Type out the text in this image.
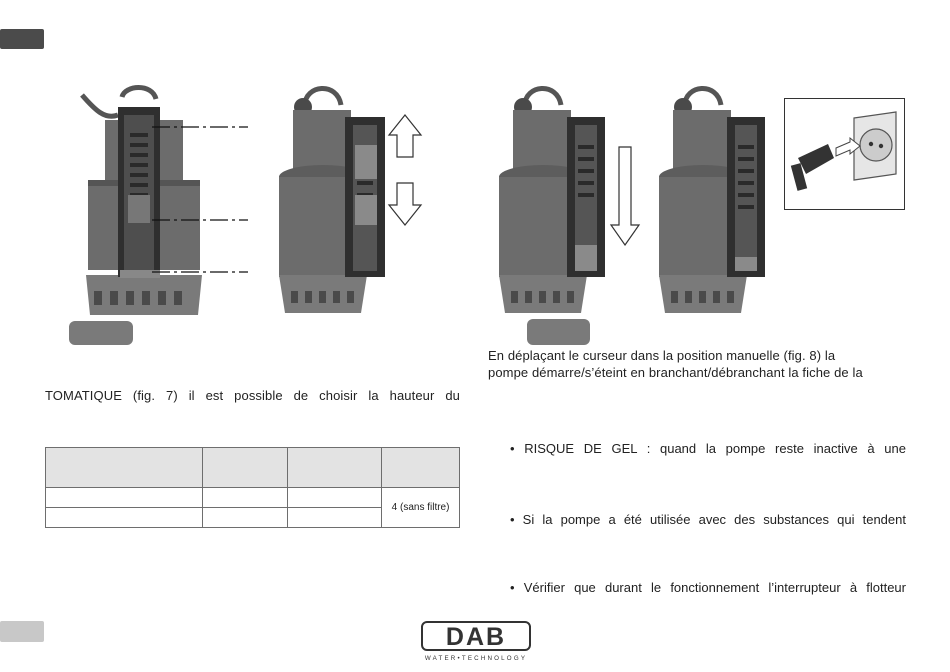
En déplaçant le curseur dans la position manuelle (fig. 8) la
pompe démarre/s’éteint en branchant/débranchant la fiche de la
TOMATIQUE (fig. 7) il est possible de choisir la hauteur du

			4 (sans filtre)

• RISQUE DE GEL : quand la pompe reste inactive à une
• Si la pompe a été utilisée avec des substances qui tendent
• Vérifier que durant le fonctionnement l’interrupteur à flotteur
DAB
WATER•TECHNOLOGY
